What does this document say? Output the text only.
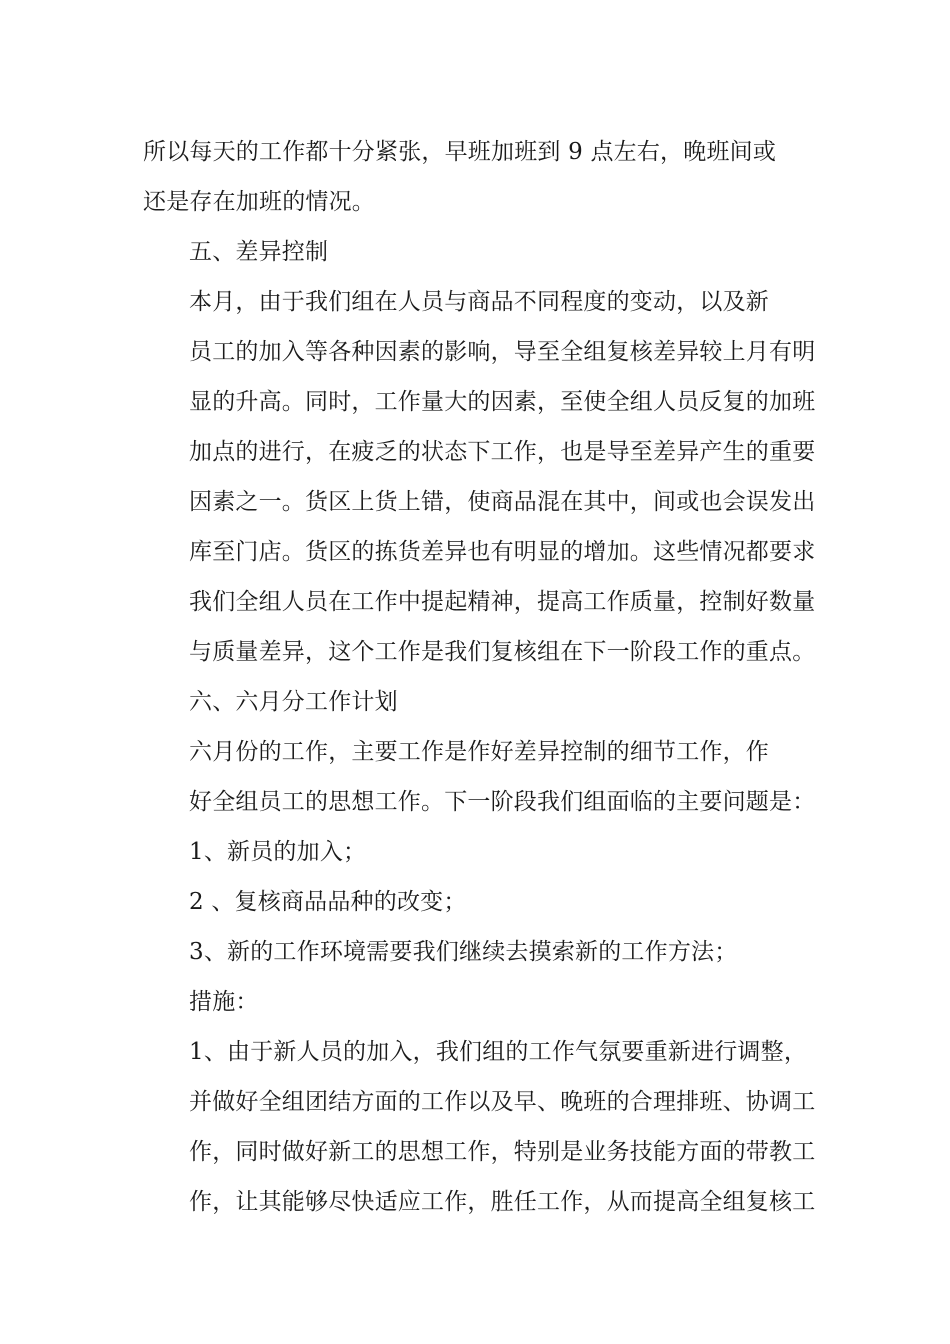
所以每天的工作都十分紧张，早班加班到 9 点左右，晚班间或
还是存在加班的情况。
五、差异控制
本月，由于我们组在人员与商品不同程度的变动，以及新
员工的加入等各种因素的影响，导至全组复核差异较上月有明
显的升高。同时，工作量大的因素，至使全组人员反复的加班
加点的进行，在疲乏的状态下工作，也是导至差异产生的重要
因素之一。货区上货上错，使商品混在其中，间或也会误发出
库至门店。货区的拣货差异也有明显的增加。这些情况都要求
我们全组人员在工作中提起精神，提高工作质量，控制好数量
与质量差异，这个工作是我们复核组在下一阶段工作的重点。
六、六月分工作计划
六月份的工作，主要工作是作好差异控制的细节工作，作
好全组员工的思想工作。下一阶段我们组面临的主要问题是：
1、新员的加入；
2 、复核商品品种的改变；
3、新的工作环境需要我们继续去摸索新的工作方法；
措施：
1、由于新人员的加入，我们组的工作气氛要重新进行调整，
并做好全组团结方面的工作以及早、晚班的合理排班、协调工
作，同时做好新工的思想工作，特别是业务技能方面的带教工
作，让其能够尽快适应工作，胜任工作，从而提高全组复核工
